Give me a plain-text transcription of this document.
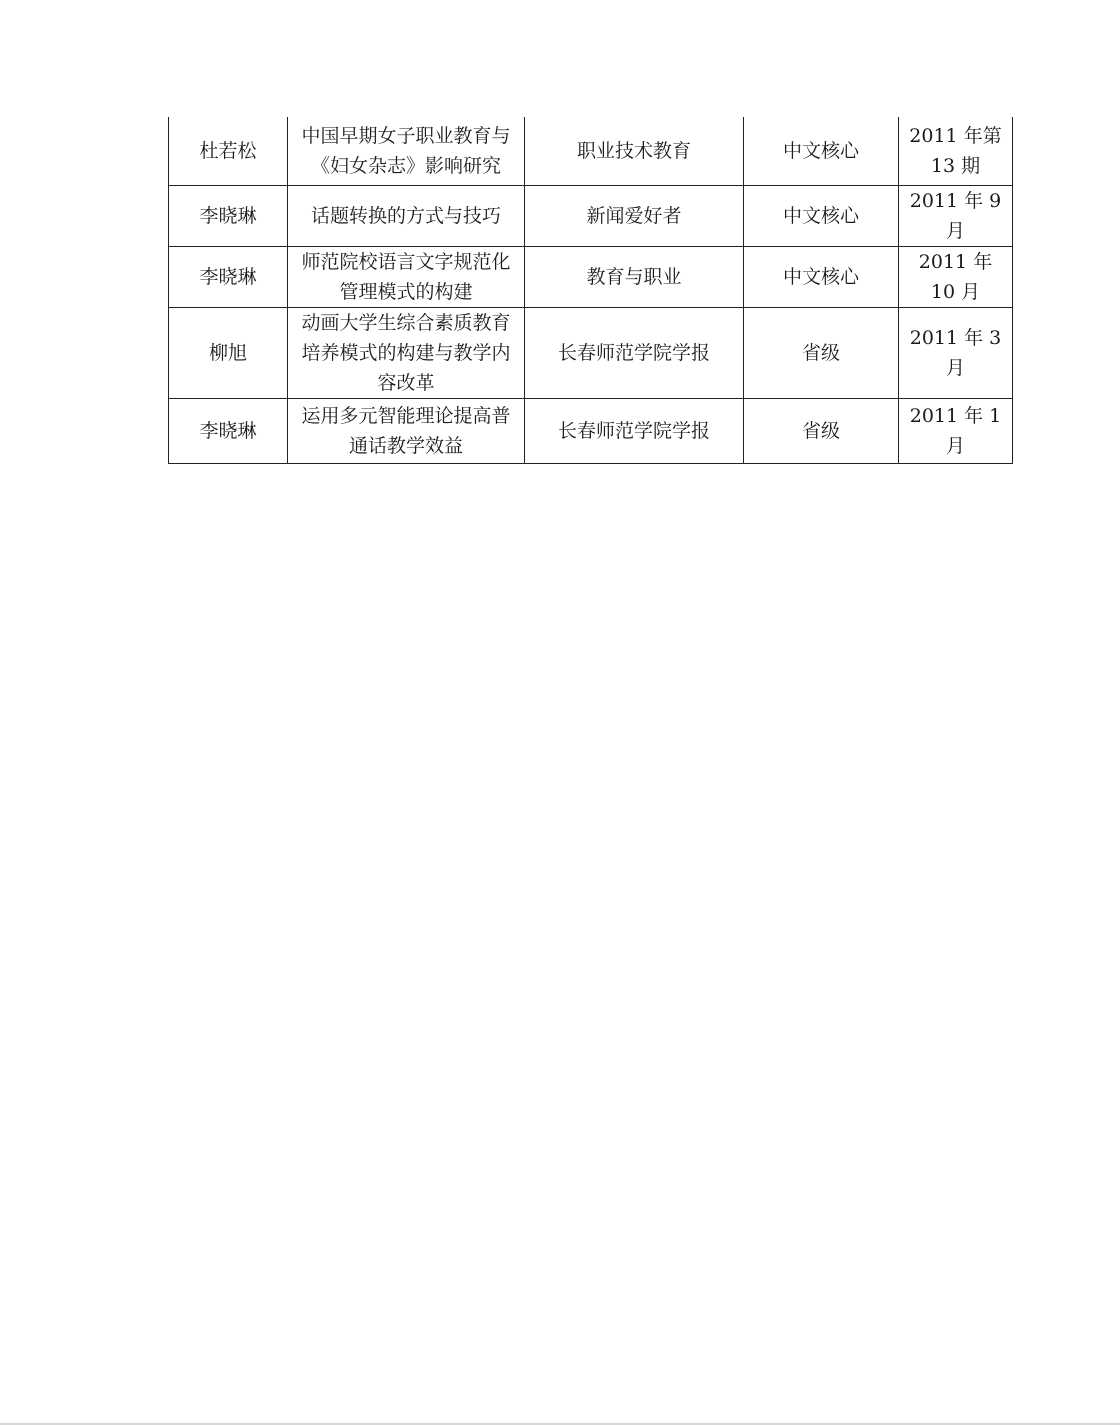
杜若松	中国早期女子职业教育与《妇女杂志》影响研究	职业技术教育	中文核心	2011 年第 13 期
李晓琳	话题转换的方式与技巧	新闻爱好者	中文核心	2011 年 9 月
李晓琳	师范院校语言文字规范化管理模式的构建	教育与职业	中文核心	2011 年 10 月
柳旭	动画大学生综合素质教育培养模式的构建与教学内容改革	长春师范学院学报	省级	2011 年 3 月
李晓琳	运用多元智能理论提高普通话教学效益	长春师范学院学报	省级	2011 年 1 月
